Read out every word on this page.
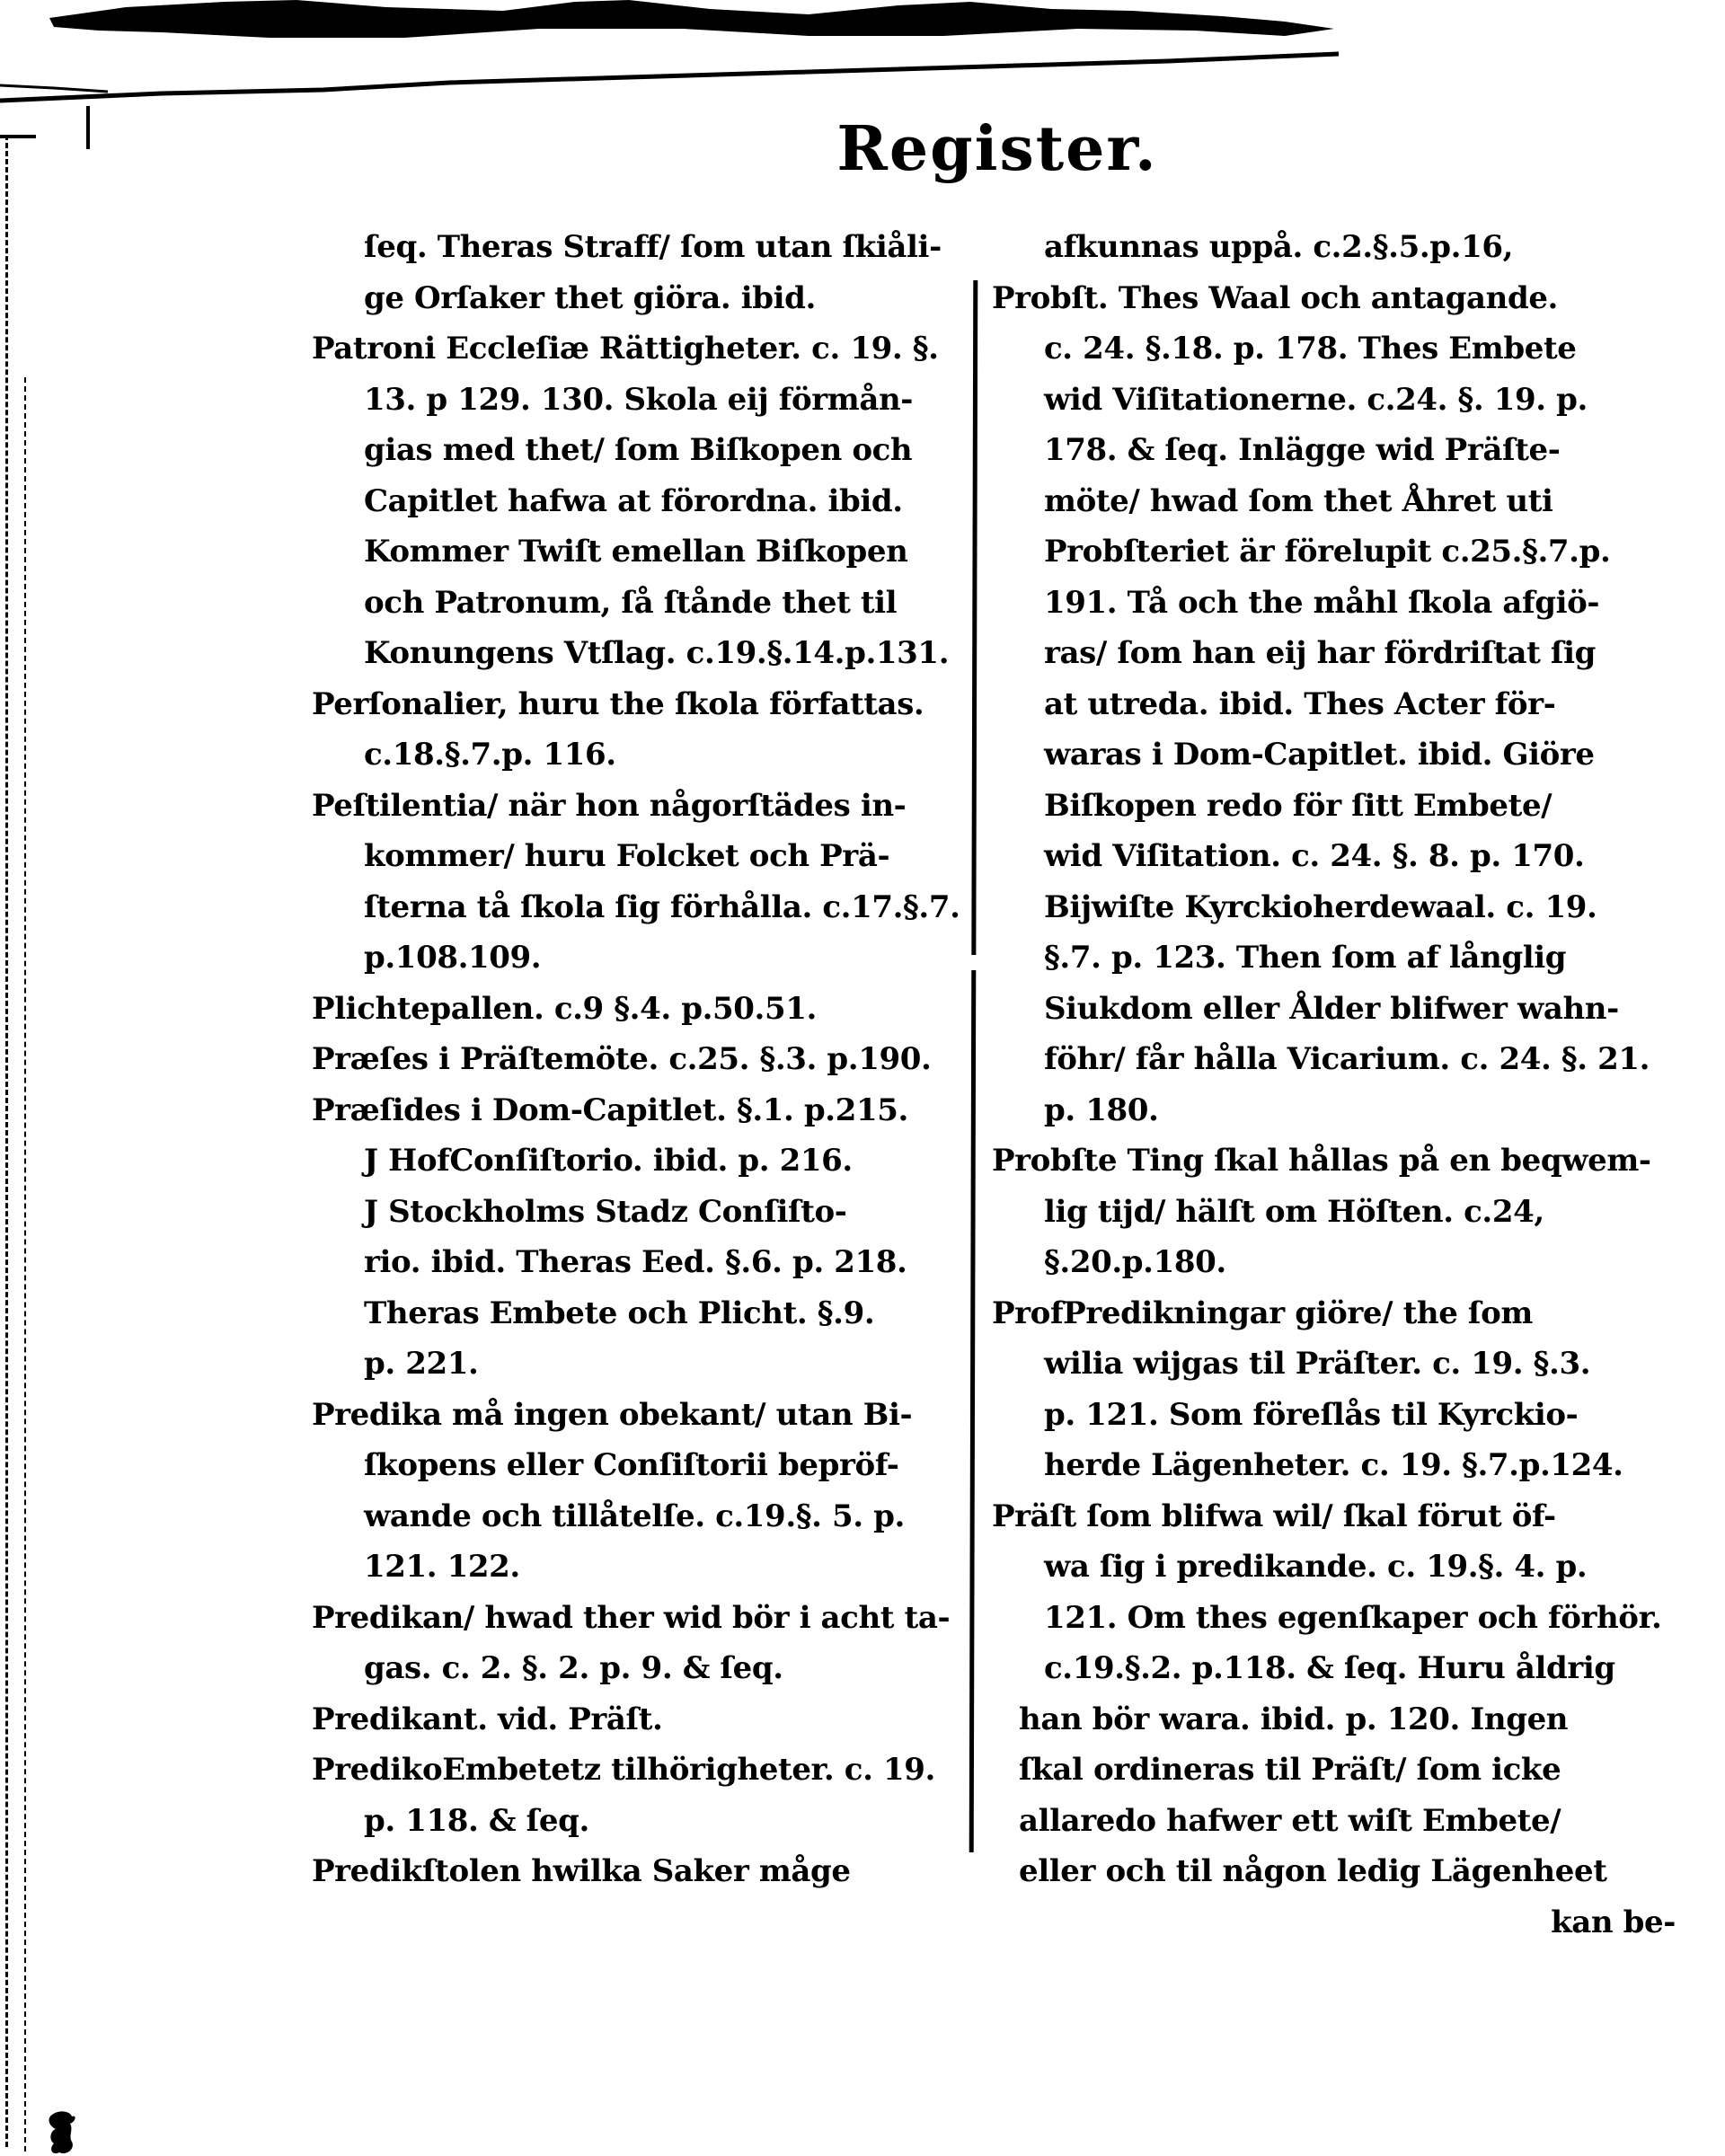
Register.
ſeq. Theras Straff/ ſom utan ſkiåli-
ge Orſaker thet giöra. ibid.
Patroni Eccleſiæ Rättigheter. c. 19. §.
13. p 129. 130. Skola eij förmån-
gias med thet/ ſom Biſkopen och
Capitlet hafwa at förordna. ibid.
Kommer Twiſt emellan Biſkopen
och Patronum, ſå ſtånde thet til
Konungens Vtſlag. c.19.§.14.p.131.
Perſonalier, huru the ſkola författas.
c.18.§.7.p. 116.
Peſtilentia/ när hon någorſtädes in-
kommer/ huru Folcket och Prä-
ſterna tå ſkola ſig förhålla. c.17.§.7.
p.108.109.
Plichtepallen. c.9 §.4. p.50.51.
Præſes i Präſtemöte. c.25. §.3. p.190.
Præſides i Dom-Capitlet. §.1. p.215.
J HofConſiſtorio. ibid. p. 216.
J Stockholms Stadz Conſiſto-
rio. ibid. Theras Eed. §.6. p. 218.
Theras Embete och Plicht. §.9.
p. 221.
Predika må ingen obekant/ utan Bi-
ſkopens eller Conſiſtorii bepröf-
wande och tillåtelſe. c.19.§. 5. p.
121. 122.
Predikan/ hwad ther wid bör i acht ta-
gas. c. 2. §. 2. p. 9. & ſeq.
Predikant. vid. Präſt.
PredikoEmbetetz tilhörigheter. c. 19.
p. 118. & ſeq.
Predikſtolen hwilka Saker måge
afkunnas uppå. c.2.§.5.p.16,
Probſt. Thes Waal och antagande.
c. 24. §.18. p. 178. Thes Embete
wid Viſitationerne. c.24. §. 19. p.
178. & ſeq. Inlägge wid Präſte-
möte/ hwad ſom thet Åhret uti
Probſteriet är förelupit c.25.§.7.p.
191. Tå och the måhl ſkola afgiö-
ras/ ſom han eij har fördriſtat ſig
at utreda. ibid. Thes Acter för-
waras i Dom-Capitlet. ibid. Giöre
Biſkopen redo för ſitt Embete/
wid Viſitation. c. 24. §. 8. p. 170.
Bijwiſte Kyrckioherdewaal. c. 19.
§.7. p. 123. Then ſom af långlig
Siukdom eller Ålder blifwer wahn-
föhr/ får hålla Vicarium. c. 24. §. 21.
p. 180.
Probſte Ting ſkal hållas på en beqwem-
lig tijd/ hälſt om Höſten. c.24,
§.20.p.180.
ProfPredikningar giöre/ the ſom
wilia wijgas til Präſter. c. 19. §.3.
p. 121. Som föreſlås til Kyrckio-
herde Lägenheter. c. 19. §.7.p.124.
Präſt ſom blifwa wil/ ſkal förut öf-
wa ſig i predikande. c. 19.§. 4. p.
121. Om thes egenſkaper och förhör.
c.19.§.2. p.118. & ſeq. Huru åldrig
han bör wara. ibid. p. 120. Ingen
ſkal ordineras til Präſt/ ſom icke
allaredo hafwer ett wiſt Embete/
eller och til någon ledig Lägenheet
kan be-
